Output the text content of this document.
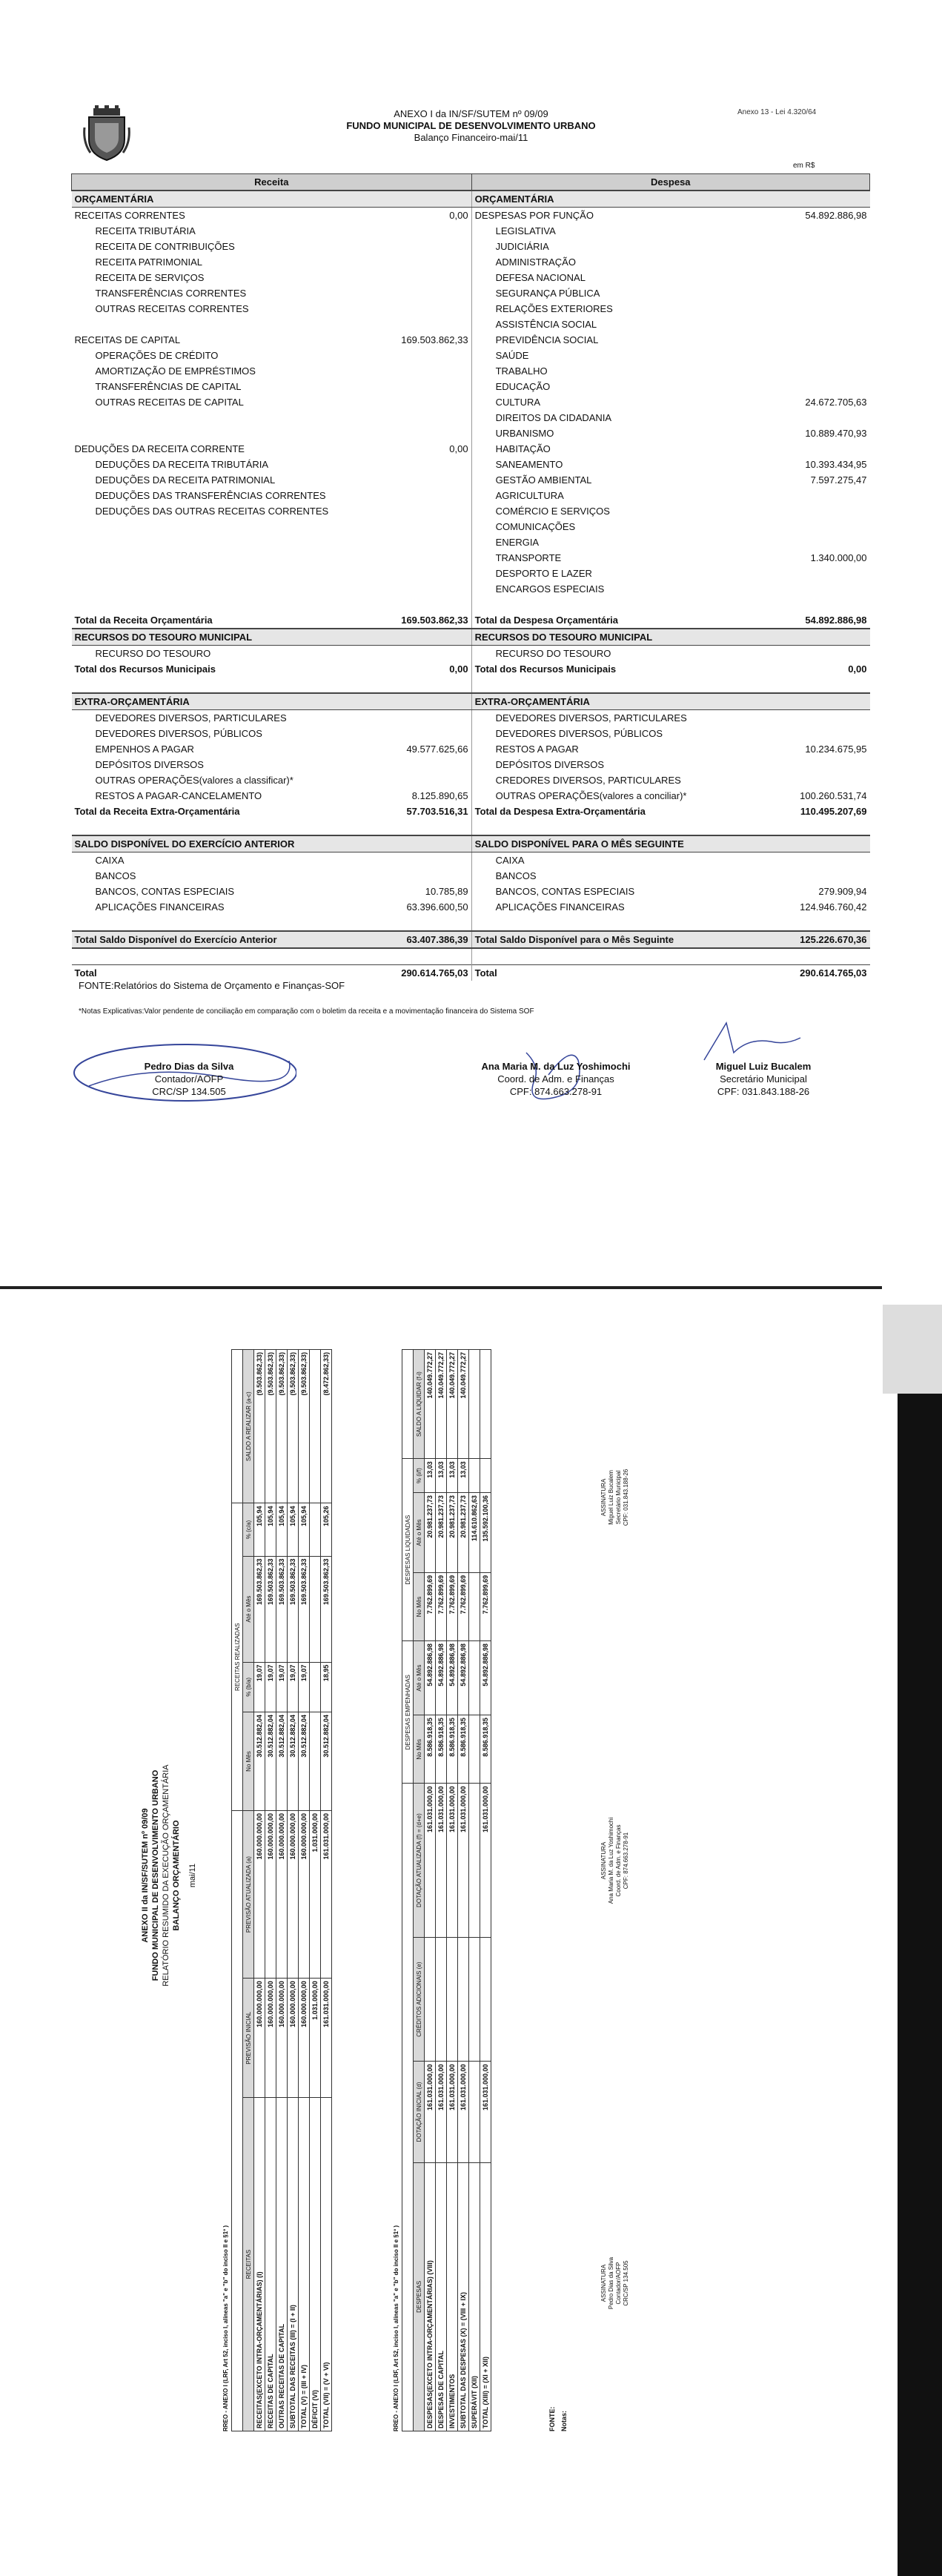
ANEXO I da IN/SF/SUTEM nº 09/09
FUNDO MUNICIPAL DE DESENVOLVIMENTO URBANO
Balanço Financeiro-mai/11
Anexo 13 - Lei 4.320/64
em R$
Receita		Despesa	
ORÇAMENTÁRIA		ORÇAMENTÁRIA	
RECEITAS CORRENTES	0,00	DESPESAS POR FUNÇÃO	54.892.886,98
RECEITA TRIBUTÁRIA		LEGISLATIVA	
RECEITA DE CONTRIBUIÇÕES		JUDICIÁRIA	
RECEITA PATRIMONIAL		ADMINISTRAÇÃO	
RECEITA DE SERVIÇOS		DEFESA NACIONAL	
TRANSFERÊNCIAS CORRENTES		SEGURANÇA PÚBLICA	
OUTRAS RECEITAS CORRENTES		RELAÇÕES EXTERIORES	
		ASSISTÊNCIA SOCIAL	
RECEITAS DE CAPITAL	169.503.862,33	PREVIDÊNCIA SOCIAL	
OPERAÇÕES DE CRÉDITO		SAÚDE	
AMORTIZAÇÃO DE EMPRÉSTIMOS		TRABALHO	
TRANSFERÊNCIAS DE CAPITAL		EDUCAÇÃO	
OUTRAS RECEITAS DE CAPITAL		CULTURA	24.672.705,63
		DIREITOS DA CIDADANIA	
		URBANISMO	10.889.470,93
DEDUÇÕES DA RECEITA CORRENTE	0,00	HABITAÇÃO	
DEDUÇÕES DA RECEITA TRIBUTÁRIA		SANEAMENTO	10.393.434,95
DEDUÇÕES DA RECEITA PATRIMONIAL		GESTÃO AMBIENTAL	7.597.275,47
DEDUÇÕES DAS TRANSFERÊNCIAS CORRENTES		AGRICULTURA	
DEDUÇÕES DAS OUTRAS RECEITAS CORRENTES		COMÉRCIO E SERVIÇOS	
		COMUNICAÇÕES	
		ENERGIA	
		TRANSPORTE	1.340.000,00
		DESPORTO E LAZER	
		ENCARGOS ESPECIAIS	

Total da Receita Orçamentária	169.503.862,33	Total da Despesa Orçamentária	54.892.886,98
RECURSOS DO TESOURO MUNICIPAL		RECURSOS DO TESOURO MUNICIPAL	
RECURSO DO TESOURO		RECURSO DO TESOURO	
Total dos Recursos Municipais	0,00	Total dos Recursos Municipais	0,00

EXTRA-ORÇAMENTÁRIA		EXTRA-ORÇAMENTÁRIA	
DEVEDORES DIVERSOS, PARTICULARES		DEVEDORES DIVERSOS, PARTICULARES	
DEVEDORES DIVERSOS, PÚBLICOS		DEVEDORES DIVERSOS, PÚBLICOS	
EMPENHOS A PAGAR	49.577.625,66	RESTOS A PAGAR	10.234.675,95
DEPÓSITOS DIVERSOS		DEPÓSITOS DIVERSOS	
OUTRAS OPERAÇÕES(valores a classificar)*		CREDORES DIVERSOS, PARTICULARES	
RESTOS A PAGAR-CANCELAMENTO	8.125.890,65	OUTRAS OPERAÇÕES(valores a conciliar)*	100.260.531,74
Total da Receita Extra-Orçamentária	57.703.516,31	Total da Despesa Extra-Orçamentária	110.495.207,69

SALDO DISPONÍVEL DO EXERCÍCIO ANTERIOR		SALDO DISPONÍVEL PARA O MÊS SEGUINTE	
CAIXA		CAIXA	
BANCOS		BANCOS	
BANCOS, CONTAS ESPECIAIS	10.785,89	BANCOS, CONTAS ESPECIAIS	279.909,94
APLICAÇÕES FINANCEIRAS	63.396.600,50	APLICAÇÕES FINANCEIRAS	124.946.760,42

Total Saldo Disponível do Exercício Anterior	63.407.386,39	Total Saldo Disponível para o Mês Seguinte	125.226.670,36

Total	290.614.765,03	Total	290.614.765,03
FONTE:Relatórios do Sistema de Orçamento e Finanças-SOF
*Notas Explicativas:Valor pendente de conciliação em comparação com o boletim da receita e a movimentação financeira do Sistema SOF
Pedro Dias da Silva
Contador/AOFP
CRC/SP 134.505
Ana Maria M. da Luz Yoshimochi
Coord. de Adm. e Finanças
CPF: 874.663.278-91
Miguel Luiz Bucalem
Secretário Municipal
CPF: 031.843.188-26
ANEXO II da IN/SF/SUTEM nº 09/09 FUNDO MUNICIPAL DE DESENVOLVIMENTO URBANO RELATÓRIO RESUMIDO DA EXECUÇÃO ORÇAMENTÁRIA BALANÇO ORÇAMENTÁRIO mai/11
RREO - ANEXO I (LRF, Art 52, inciso I, alíneas "a" e "b" do inciso II e §1º )
			RECEITAS REALIZADAS				
RECEITAS	PREVISÃO INICIAL	PREVISÃO ATUALIZADA (a)	No Mês	% (b/a)	Até o Mês	% (c/a)	SALDO A REALIZAR (a-c)
RECEITAS(EXCETO INTRA-ORÇAMENTÁRIAS) (I)	160.000.000,00	160.000.000,00	30.512.882,04	19,07	169.503.862,33	105,94	(9.503.862,33)
RECEITAS DE CAPITAL	160.000.000,00	160.000.000,00	30.512.882,04	19,07	169.503.862,33	105,94	(9.503.862,33)
OUTRAS RECEITAS DE CAPITAL	160.000.000,00	160.000.000,00	30.512.882,04	19,07	169.503.862,33	105,94	(9.503.862,33)
SUBTOTAL DAS RECEITAS (III) = (I + II)	160.000.000,00	160.000.000,00	30.512.882,04	19,07	169.503.862,33	105,94	(9.503.862,33)
TOTAL (V) = (III + IV)	160.000.000,00	160.000.000,00	30.512.882,04	19,07	169.503.862,33	105,94	(9.503.862,33)
DÉFICIT (VI)	1.031.000,00	1.031.000,00					
TOTAL (VII) = (V + VI)	161.031.000,00	161.031.000,00	30.512.882,04	18,95	169.503.862,33	105,26	(8.472.862,33)
RREO - ANEXO I (LRF, Art 52, inciso I, alíneas "a" e "b" do inciso II e §1º )
				DESPESAS EMPENHADAS		DESPESAS LIQUIDADAS			
DESPESAS	DOTAÇÃO INICIAL (d)	CRÉDITOS ADICIONAIS (e)	DOTAÇÃO ATUALIZADA (f) = (d+e)	No Mês	Até o Mês	No Mês	Até o Mês	% (i/f)	SALDO A LIQUIDAR (f-i)
DESPESAS(EXCETO INTRA-ORÇAMENTÁRIAS) (VIII)	161.031.000,00		161.031.000,00	8.586.918,35	54.892.886,98	7.762.899,69	20.981.237,73	13,03	140.049.772,27
DESPESAS DE CAPITAL	161.031.000,00		161.031.000,00	8.586.918,35	54.892.886,98	7.762.899,69	20.981.237,73	13,03	140.049.772,27
INVESTIMENTOS	161.031.000,00		161.031.000,00	8.586.918,35	54.892.886,98	7.762.899,69	20.981.237,73	13,03	140.049.772,27
SUBTOTAL DAS DESPESAS (X) = (VIII + IX)	161.031.000,00		161.031.000,00	8.586.918,35	54.892.886,98	7.762.899,69	20.981.237,73	13,03	140.049.772,27
SUPERÁVIT (XII)							114.610.862,63		
TOTAL (XIII) = (XI + XII)	161.031.000,00		161.031.000,00	8.586.918,35	54.892.886,98	7.762.899,69	135.592.100,36		
FONTE: Notas:
ASSINATURA Pedro Dias da Silva Contador/AOFP CRC/SP 134.505
ASSINATURA Ana Maria M. da Luz Yoshimochi Coord. de Adm. e Finanças CPF: 874.663.278-91
ASSINATURA Miguel Luiz Bucalem Secretário Municipal CPF: 031.843.188-26
